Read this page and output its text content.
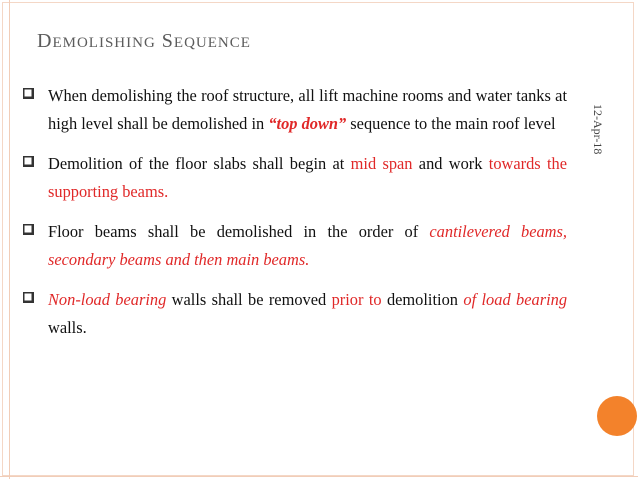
DEMOLISHING SEQUENCE
12-Apr-18
When demolishing the roof structure, all lift machine rooms and water tanks at high level shall be demolished in “top down” sequence to the main roof level
Demolition of the floor slabs shall begin at mid span and work towards the supporting beams.
Floor beams shall be demolished in the order of cantilevered beams, secondary beams and then main beams.
Non-load bearing walls shall be removed prior to demolition of load bearing walls.
